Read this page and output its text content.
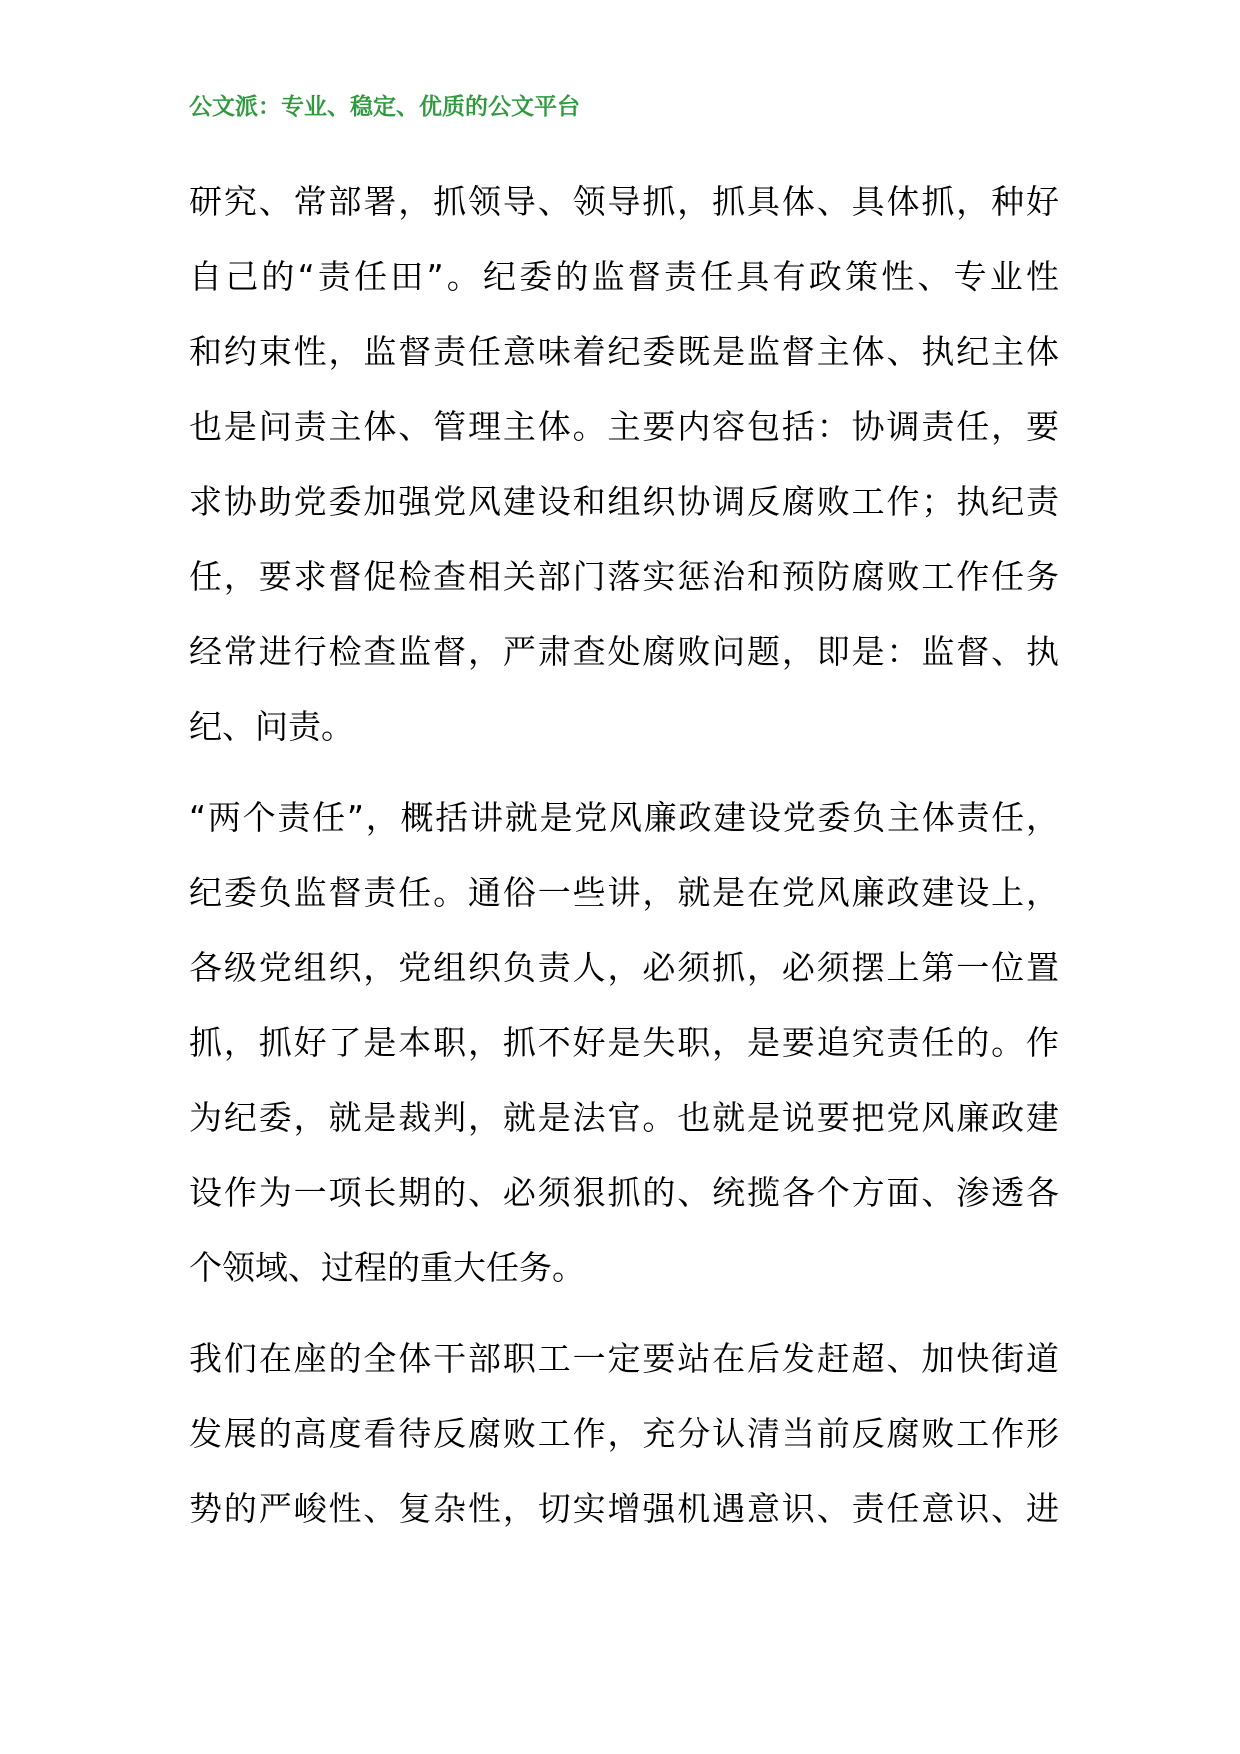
公文派：专业、稳定、优质的公文平台
研究、常部署，抓领导、领导抓，抓具体、具体抓，种好
自己的“责任田”。纪委的监督责任具有政策性、专业性
和约束性，监督责任意味着纪委既是监督主体、执纪主体
也是问责主体、管理主体。主要内容包括：协调责任，要
求协助党委加强党风建设和组织协调反腐败工作；执纪责
任，要求督促检查相关部门落实惩治和预防腐败工作任务
经常进行检查监督，严肃查处腐败问题，即是：监督、执
纪、问责。
“两个责任”，概括讲就是党风廉政建设党委负主体责任，
纪委负监督责任。通俗一些讲，就是在党风廉政建设上，
各级党组织，党组织负责人，必须抓，必须摆上第一位置
抓，抓好了是本职，抓不好是失职，是要追究责任的。作
为纪委，就是裁判，就是法官。也就是说要把党风廉政建
设作为一项长期的、必须狠抓的、统揽各个方面、渗透各
个领域、过程的重大任务。
我们在座的全体干部职工一定要站在后发赶超、加快街道
发展的高度看待反腐败工作，充分认清当前反腐败工作形
势的严峻性、复杂性，切实增强机遇意识、责任意识、进
